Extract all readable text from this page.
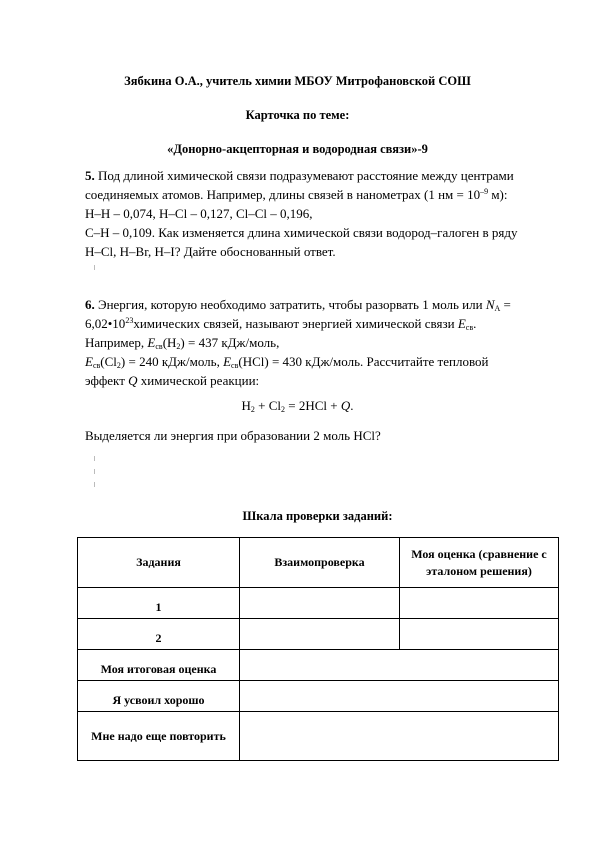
Зябкина О.А., учитель химии МБОУ Митрофановской СОШ
Карточка по теме:
«Донорно-акцепторная и водородная связи»-9
5. Под длиной химической связи подразумевают расстояние между центрами
соединяемых атомов. Например, длины связей в нанометрах (1 нм = $10^{-9}$ м):
H–H – 0,074, H–Cl – 0,127, Cl–Cl – 0,196,
C–H – 0,109. Как изменяется длина химической связи водород–галоген в ряду
H–Cl, H–Br, H–I? Дайте обоснованный ответ.
6. Энергия, которую необходимо затратить, чтобы разорвать 1 моль или $N_A$ =
$6,02•10^{23}химических$ связей, называют энергией химической связи $E_{св}$.
Например, $E_{св}(H_2) = 437$ кДж/моль,
$E_{св}(Cl_2) = 240$ кДж/моль, $E_{св}(HCl) = 430$ кДж/моль. Рассчитайте тепловой
эффект Q химической реакции:
$H_2 + Cl_2 = 2HCl + Q$.
Выделяется ли энергия при образовании 2 моль HCl?
Шкала проверки заданий:
Задания	Взаимопроверка	Моя оценка (сравнение с эталоном решения)
1		
2		
Моя итоговая оценка		
Я усвоил хорошо		
Мне надо еще повторить		
